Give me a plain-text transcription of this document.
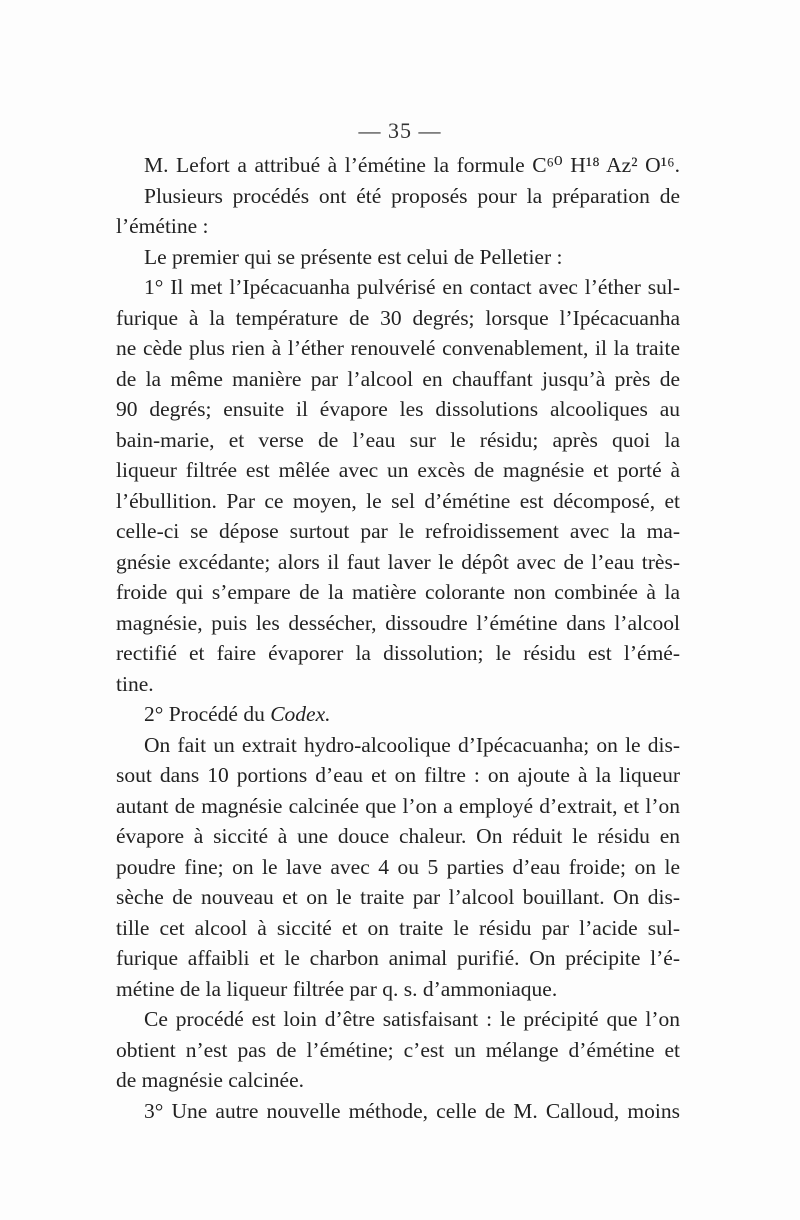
— 35 —
M. Lefort a attribué à l’émétine la formule C⁶⁰ H¹⁸ Az² O¹⁶.
Plusieurs procédés ont été proposés pour la préparation de
l’émétine :
Le premier qui se présente est celui de Pelletier :
1° Il met l’Ipécacuanha pulvérisé en contact avec l’éther sul-
furique à la température de 30 degrés; lorsque l’Ipécacuanha
ne cède plus rien à l’éther renouvelé convenablement, il la traite
de la même manière par l’alcool en chauffant jusqu’à près de
90 degrés; ensuite il évapore les dissolutions alcooliques au
bain-marie, et verse de l’eau sur le résidu; après quoi la
liqueur filtrée est mêlée avec un excès de magnésie et porté à
l’ébullition. Par ce moyen, le sel d’émétine est décomposé, et
celle-ci se dépose surtout par le refroidissement avec la ma-
gnésie excédante; alors il faut laver le dépôt avec de l’eau très-
froide qui s’empare de la matière colorante non combinée à la
magnésie, puis les dessécher, dissoudre l’émétine dans l’alcool
rectifié et faire évaporer la dissolution; le résidu est l’émé-
tine.
2° Procédé du Codex.
On fait un extrait hydro-alcoolique d’Ipécacuanha; on le dis-
sout dans 10 portions d’eau et on filtre : on ajoute à la liqueur
autant de magnésie calcinée que l’on a employé d’extrait, et l’on
évapore à siccité à une douce chaleur. On réduit le résidu en
poudre fine; on le lave avec 4 ou 5 parties d’eau froide; on le
sèche de nouveau et on le traite par l’alcool bouillant. On dis-
tille cet alcool à siccité et on traite le résidu par l’acide sul-
furique affaibli et le charbon animal purifié. On précipite l’é-
métine de la liqueur filtrée par q. s. d’ammoniaque.
Ce procédé est loin d’être satisfaisant : le précipité que l’on
obtient n’est pas de l’émétine; c’est un mélange d’émétine et
de magnésie calcinée.
3° Une autre nouvelle méthode, celle de M. Calloud, moins
